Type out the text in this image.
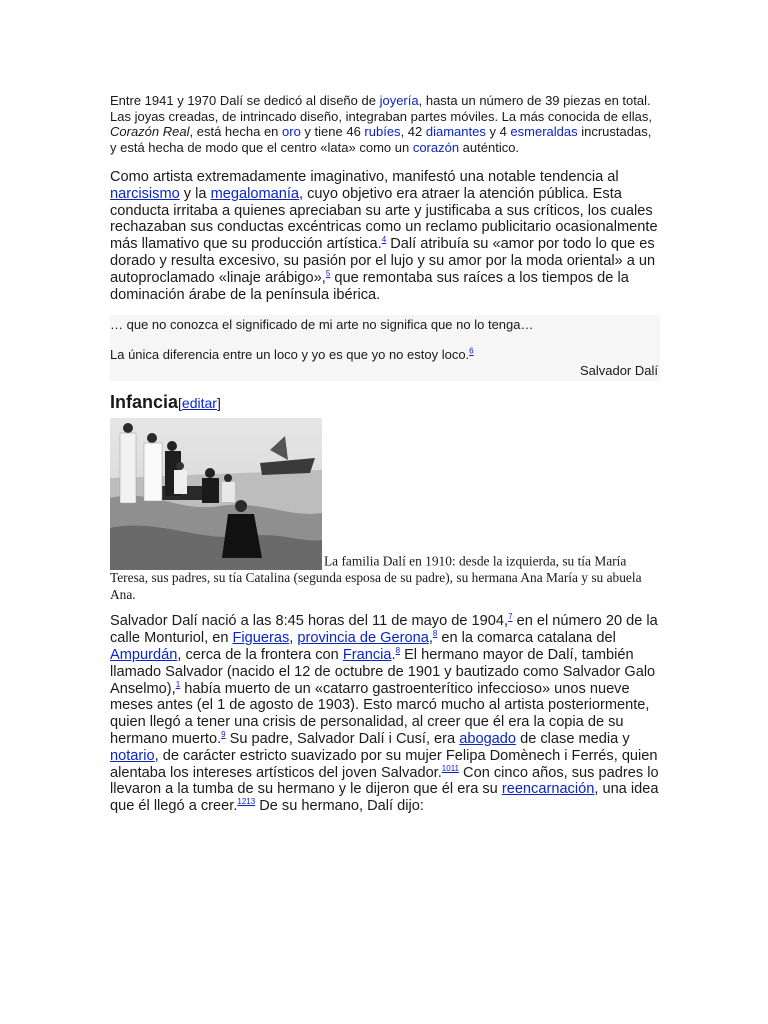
Entre 1941 y 1970 Dalí se dedicó al diseño de joyería, hasta un número de 39 piezas en total. Las joyas creadas, de intrincado diseño, integraban partes móviles. La más conocida de ellas, Corazón Real, está hecha en oro y tiene 46 rubíes, 42 diamantes y 4 esmeraldas incrustadas, y está hecha de modo que el centro «lata» como un corazón auténtico.

Como artista extremadamente imaginativo, manifestó una notable tendencia al narcisismo y la megalomanía, cuyo objetivo era atraer la atención pública. Esta conducta irritaba a quienes apreciaban su arte y justificaba a sus críticos, los cuales rechazaban sus conductas excéntricas como un reclamo publicitario ocasionalmente más llamativo que su producción artística.$^4$ Dalí atribuía su «amor por todo lo que es dorado y resulta excesivo, su pasión por el lujo y su amor por la moda oriental» a un autoproclamado «linaje arábigo»,$^5$ que remontaba sus raíces a los tiempos de la dominación árabe de la península ibérica.

… que no conozca el significado de mi arte no significa que no lo tenga…
La única diferencia entre un loco y yo es que yo no estoy loco.$^6$
Salvador Dalí
Infancia[editar]
La familia Dalí en 1910: desde la izquierda, su tía María Teresa, sus padres, su tía Catalina (segunda esposa de su padre), su hermana Ana María y su abuela Ana.

Salvador Dalí nació a las 8:45 horas del 11 de mayo de 1904,$^7$ en el número 20 de la calle Monturiol, en Figueras, provincia de Gerona,$^8$ en la comarca catalana del Ampurdán, cerca de la frontera con Francia.$^8$ El hermano mayor de Dalí, también llamado Salvador (nacido el 12 de octubre de 1901 y bautizado como Salvador Galo Anselmo),$^1$ había muerto de un «catarro gastroenterítico infeccioso» unos nueve meses antes (el 1 de agosto de 1903). Esto marcó mucho al artista posteriormente, quien llegó a tener una crisis de personalidad, al creer que él era la copia de su hermano muerto.$^9$ Su padre, Salvador Dalí i Cusí, era abogado de clase media y notario, de carácter estricto suavizado por su mujer Felipa Domènech i Ferrés, quien alentaba los intereses artísticos del joven Salvador.$^{1011}$ Con cinco años, sus padres lo llevaron a la tumba de su hermano y le dijeron que él era su reencarnación, una idea que él llegó a creer.$^{1213}$ De su hermano, Dalí dijo:
